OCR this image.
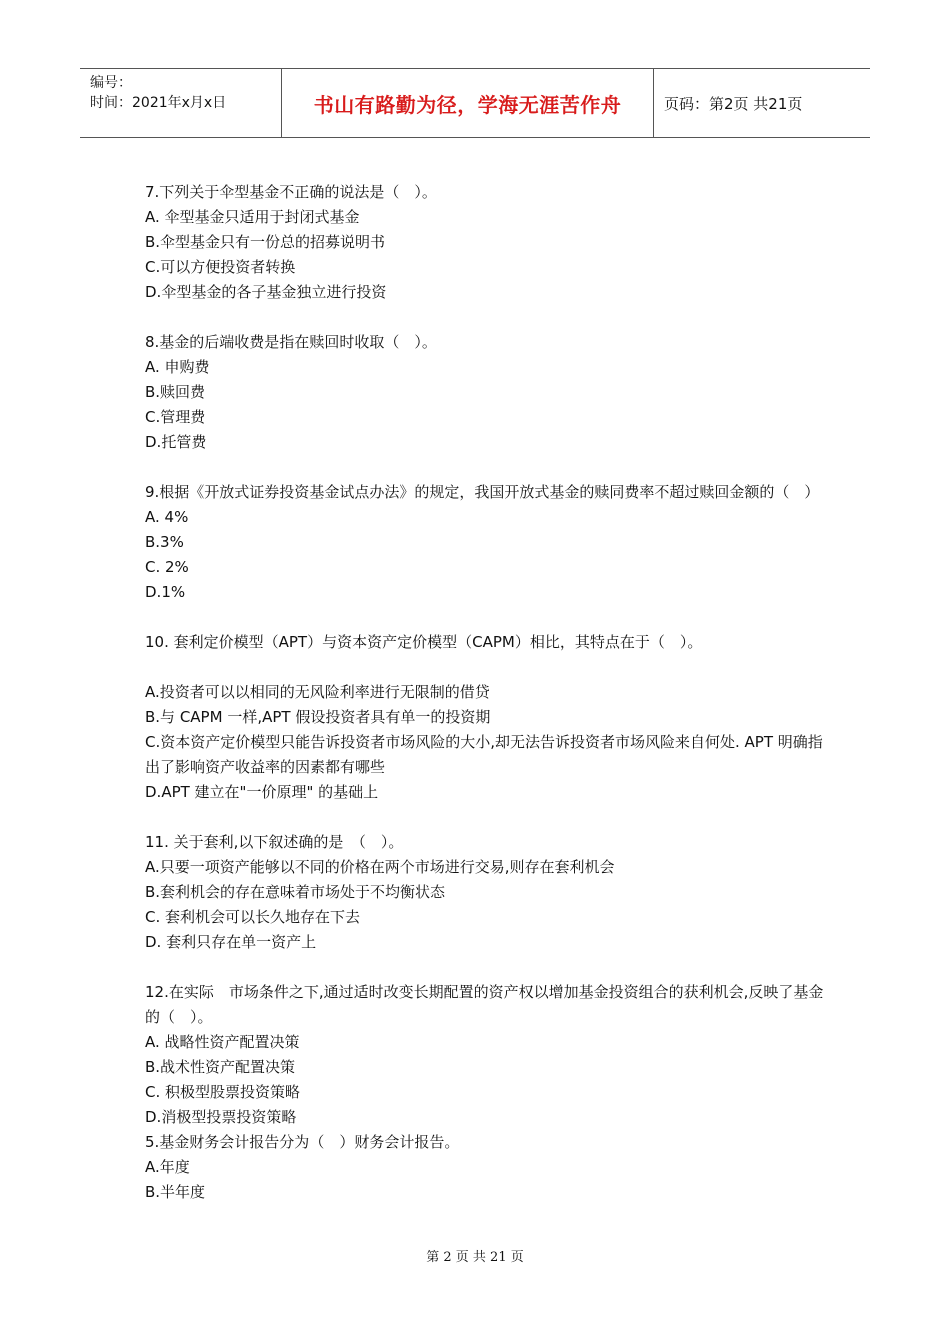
编号：
时间：2021年x月x日	书山有路勤为径，学海无涯苦作舟	页码：第2页 共21页
7.下列关于伞型基金不正确的说法是（　）。
A. 伞型基金只适用于封闭式基金
B.伞型基金只有一份总的招募说明书
C.可以方便投资者转换
D.伞型基金的各子基金独立进行投资
8.基金的后端收费是指在赎回时收取（　）。
A. 申购费
B.赎回费
C.管理费
D.托管费
9.根据《开放式证券投资基金试点办法》的规定，我国开放式基金的赎同费率不超过赎回金额的（　）
A. 4%
B.3%
C. 2%
D.1%
10. 套利定价模型（APT）与资本资产定价模型（CAPM）相比，其特点在于（　）。
A.投资者可以以相同的无风险利率进行无限制的借贷
B.与 CAPM 一样,APT 假设投资者具有单一的投资期
C.资本资产定价模型只能告诉投资者市场风险的大小,却无法告诉投资者市场风险来自何处. APT 明确指出了影响资产收益率的因素都有哪些
D.APT 建立在"一价原理" 的基础上
11. 关于套利,以下叙述确的是　（　）。
A.只要一项资产能够以不同的价格在两个市场进行交易,则存在套利机会
B.套利机会的存在意味着市场处于不均衡状态
C. 套利机会可以长久地存在下去
D. 套利只存在单一资产上
12.在实际　市场条件之下,通过适时改变长期配置的资产权以增加基金投资组合的获利机会,反映了基金的（　）。
A. 战略性资产配置决策
B.战术性资产配置决策
C. 积极型股票投资策略
D.消极型投票投资策略
5.基金财务会计报告分为（　）财务会计报告。
A.年度
B.半年度
第 2 页 共 21 页
